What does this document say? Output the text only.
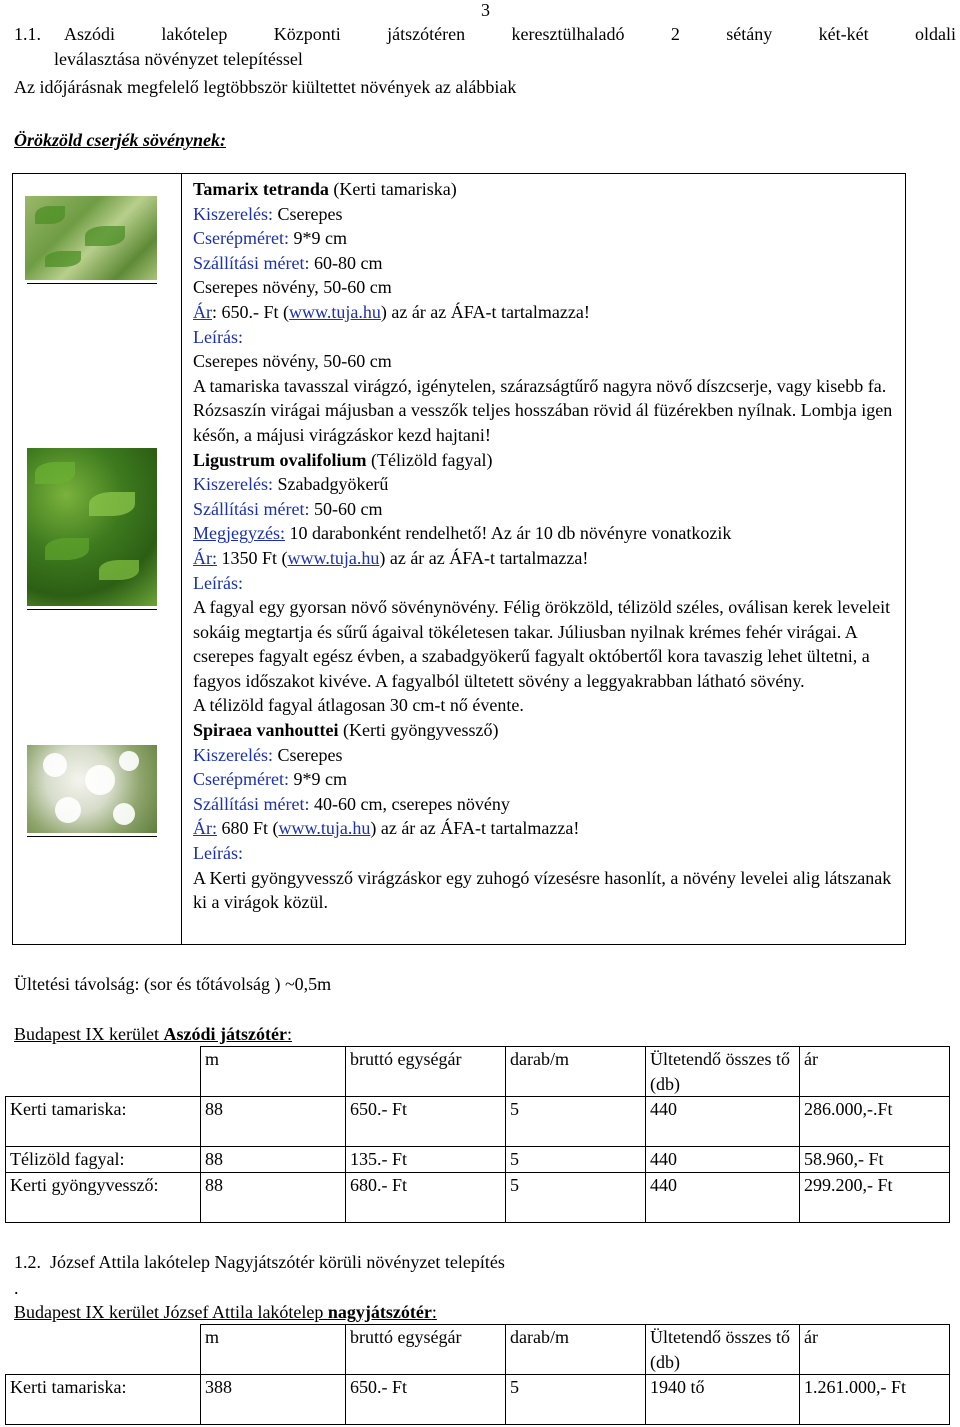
3
1.1.	Aszódi lakótelep Központi játszótéren keresztülhaladó 2 sétány két-két oldali
leválasztása növényzet telepítéssel
Az időjárásnak megfelelő legtöbbször kiültettet növények az alábbiak
Örökzöld cserjék sövénynek:
Tamarix tetranda (Kerti tamariska)
Kiszerelés: Cserepes
Cserépméret: 9*9 cm
Szállítási méret: 60-80 cm
Cserepes növény, 50-60 cm
Ár: 650.- Ft (www.tuja.hu) az ár az ÁFA-t tartalmazza!
Leírás:
Cserepes növény, 50-60 cm
A tamariska tavasszal virágzó, igénytelen, szárazságtűrő nagyra növő díszcserje, vagy kisebb fa. Rózsaszín virágai májusban a vesszők teljes hosszában rövid ál füzérekben nyílnak. Lombja igen későn, a májusi virágzáskor kezd hajtani!
Ligustrum ovalifolium (Télizöld fagyal)
Kiszerelés: Szabadgyökerű
Szállítási méret: 50-60 cm
Megjegyzés: 10 darabonként rendelhető! Az ár 10 db növényre vonatkozik
Ár: 1350 Ft (www.tuja.hu) az ár az ÁFA-t tartalmazza!
Leírás:
A fagyal egy gyorsan növő sövénynövény. Félig örökzöld, télizöld széles, oválisan kerek leveleit sokáig megtartja és sűrű ágaival tökéletesen takar. Júliusban nyilnak krémes fehér virágai. A cserepes fagyalt egész évben, a szabadgyökerű fagyalt októbertől kora tavaszig lehet ültetni, a fagyos időszakot kivéve. A fagyalból ültetett sövény a leggyakrabban látható sövény.
A télizöld fagyal átlagosan 30 cm-t nő évente.
Spiraea vanhouttei (Kerti gyöngyvessző)
Kiszerelés: Cserepes
Cserépméret: 9*9 cm
Szállítási méret: 40-60 cm, cserepes növény
Ár: 680 Ft (www.tuja.hu) az ár az ÁFA-t tartalmazza!
Leírás:
A Kerti gyöngyvessző virágzáskor egy zuhogó vízesésre hasonlít, a növény levelei alig látszanak ki a virágok közül.
Ültetési távolság: (sor és tőtávolság ) ~0,5m
Budapest IX kerület Aszódi játszótér:
	m	bruttó egységár	darab/m	Ültetendő összes tő (db)	ár
Kerti tamariska:	88	650.- Ft	5	440	286.000,-.Ft
Télizöld fagyal:	88	135.- Ft	5	440	58.960,- Ft
Kerti gyöngyvessző:	88	680.- Ft	5	440	299.200,- Ft
1.2. József Attila lakótelep Nagyjátszótér körüli növényzet telepítés
.
Budapest IX kerület József Attila lakótelep nagyjátszótér:
	m	bruttó egységár	darab/m	Ültetendő összes tő (db)	ár
Kerti tamariska:	388	650.- Ft	5	1940 tő	1.261.000,- Ft
